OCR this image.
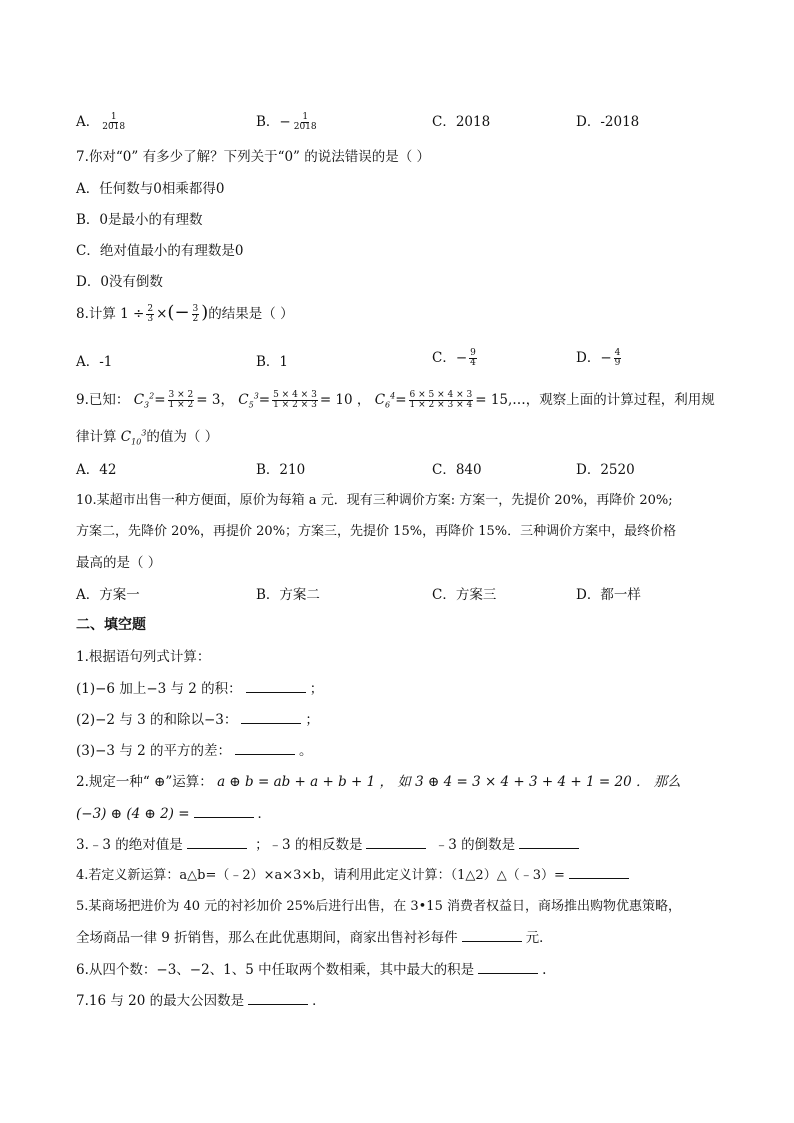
A． $\frac{1}{2018}$	B．− $\frac{1}{2018}$	C．2018	D．-2018
7.你对“0” 有多少了解？下列关于“0” 的说法错误的是（ ）
A．任何数与0相乘都得0
B．0是最小的有理数
C．绝对值最小的有理数是0
D．0没有倒数
8.计算 $1 \div \frac{2}{3}$ ×(− $\frac{3}{2}$ )的结果是（ ）
A．-1	B．1	C．− $\frac{9}{4}$	D．− $\frac{4}{9}$
9.已知： $C_3^2= \frac{3 \times 2}{1 \times 2} = 3$， $C_5^3= \frac{5 \times 4 \times 3}{1 \times 2 \times 3} = 10$ ， $C_6^4= \frac{6 \times 5 \times 4 \times 3}{1 \times 2 \times 3 \times 4}$ = 15,…，观察上面的计算过程，利用规
律计算 $C_{10}^3$的值为（ ）
A．42	B．210	C．840	D．2520
10.某超市出售一种方便面，原价为每箱 a 元．现有三种调价方案: 方案一，先提价 20%，再降价 20%;
方案二，先降价 20%，再提价 20%；方案三，先提价 15%，再降价 15%．三种调价方案中，最终价格
最高的是（ ）
A．方案一	B．方案二	C．方案三	D．都一样
二、填空题
1.根据语句列式计算：
(1)−6 加上−3 与 2 的积：	；
(2)−2 与 3 的和除以−3：	；
(3)−3 与 2 的平方的差：	。
2.规定一种“ ⊕”运算： a ⊕ b = ab + a + b + 1 ， 如 3 ⊕ 4 = 3 × 4 + 3 + 4 + 1 = 20 ． 那么
(−3) ⊕ (4 ⊕ 2) =	．
3.﹣3 的绝对值是	；﹣3 的相反数是	﹣3 的倒数是
4.若定义新运算：a△b=（﹣2）×a×3×b，请利用此定义计算：（1△2）△（﹣3）=
5.某商场把进价为 40 元的衬衫加价 25%后进行出售，在 3•15 消费者权益日，商场推出购物优惠策略，
全场商品一律 9 折销售，那么在此优惠期间，商家出售衬衫每件	元．
6.从四个数：−3、−2、1、5 中任取两个数相乘，其中最大的积是	.
7.16 与 20 的最大公因数是	．
